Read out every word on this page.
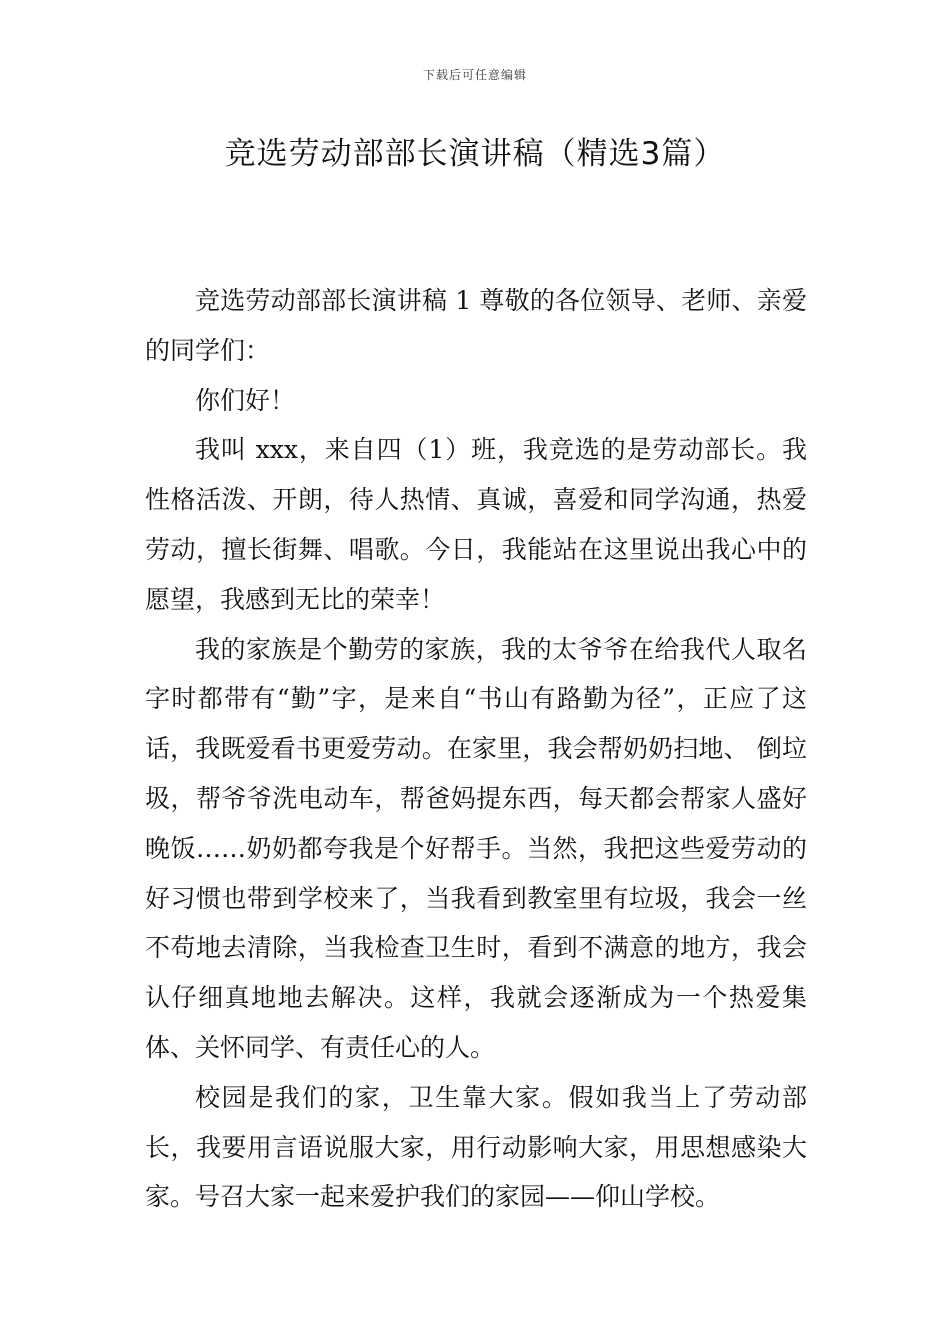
下载后可任意编辑
竞选劳动部部长演讲稿（精选3篇）

竞选劳动部部长演讲稿 1 尊敬的各位领导、老师、亲爱的同学们：

你们好！

我叫 xxx，来自四（1）班，我竞选的是劳动部长。我性格活泼、开朗，待人热情、真诚，喜爱和同学沟通，热爱劳动，擅长街舞、唱歌。今日，我能站在这里说出我心中的愿望，我感到无比的荣幸！

我的家族是个勤劳的家族，我的太爷爷在给我代人取名字时都带有“勤”字，是来自“书山有路勤为径”，正应了这话，我既爱看书更爱劳动。在家里，我会帮奶奶扫地、 倒垃圾，帮爷爷洗电动车，帮爸妈提东西，每天都会帮家人盛好晚饭……奶奶都夸我是个好帮手。当然，我把这些爱劳动的好习惯也带到学校来了，当我看到教室里有垃圾，我会一丝不苟地去清除，当我检查卫生时，看到不满意的地方，我会认仔细真地地去解决。这样，我就会逐渐成为一个热爱集体、关怀同学、有责任心的人。

校园是我们的家，卫生靠大家。假如我当上了劳动部长，我要用言语说服大家，用行动影响大家，用思想感染大家。号召大家一起来爱护我们的家园——仰山学校。
